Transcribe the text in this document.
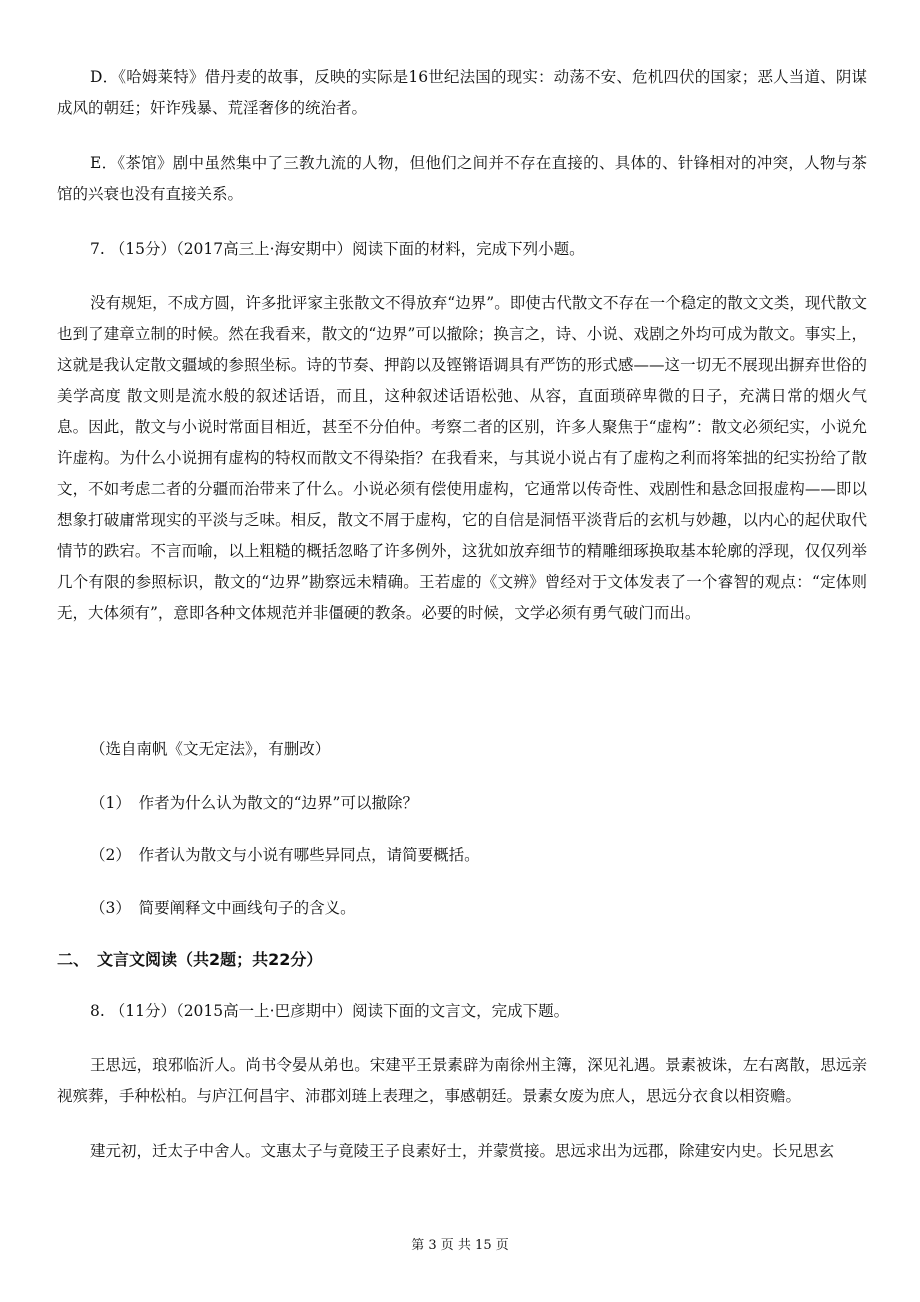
D．《哈姆莱特》借丹麦的故事，反映的实际是16世纪法国的现实：动荡不安、危机四伏的国家；恶人当道、阴谋成风的朝廷；奸诈残暴、荒淫奢侈的统治者。

E．《茶馆》剧中虽然集中了三教九流的人物，但他们之间并不存在直接的、具体的、针锋相对的冲突，人物与茶馆的兴衰也没有直接关系。

7. （15分）（2017高三上·海安期中）阅读下面的材料，完成下列小题。

没有规矩，不成方圆，许多批评家主张散文不得放弃“边界”。即使古代散文不存在一个稳定的散文文类，现代散文也到了建章立制的时候。然在我看来，散文的“边界”可以撤除；换言之，诗、小说、戏剧之外均可成为散文。事实上，这就是我认定散文疆域的参照坐标。诗的节奏、押韵以及铿锵语调具有严饬的形式感——这一切无不展现出摒弃世俗的美学高度 散文则是流水般的叙述话语，而且，这种叙述话语松弛、从容，直面琐碎卑微的日子，充满日常的烟火气息。因此，散文与小说时常面目相近，甚至不分伯仲。考察二者的区别，许多人聚焦于“虚构”：散文必须纪实，小说允许虚构。为什么小说拥有虚构的特权而散文不得染指？在我看来，与其说小说占有了虚构之利而将笨拙的纪实扮给了散文，不如考虑二者的分疆而治带来了什么。小说必须有偿使用虚构，它通常以传奇性、戏剧性和悬念回报虚构——即以想象打破庸常现实的平淡与乏味。相反，散文不屑于虚构，它的自信是洞悟平淡背后的玄机与妙趣，以内心的起伏取代情节的跌宕。不言而喻，以上粗糙的概括忽略了许多例外，这犹如放弃细节的精雕细琢换取基本轮廓的浮现，仅仅列举几个有限的参照标识，散文的“边界”勘察远未精确。王若虚的《文辨》曾经对于文体发表了一个睿智的观点：“定体则无，大体须有”，意即各种文体规范并非僵硬的教条。必要的时候，文学必须有勇气破门而出。

（选自南帆《文无定法》，有删改）

（1）　作者为什么认为散文的“边界”可以撤除？

（2）　作者认为散文与小说有哪些异同点，请简要概括。

（3）　简要阐释文中画线句子的含义。

二、　文言文阅读（共2题；共22分）

8. （11分）（2015高一上·巴彦期中）阅读下面的文言文，完成下题。

王思远，琅邪临沂人。尚书令晏从弟也。宋建平王景素辟为南徐州主簿，深见礼遇。景素被诛，左右离散，思远亲视殡葬，手种松柏。与庐江何昌宇、沛郡刘琏上表理之，事感朝廷。景素女废为庶人，思远分衣食以相资赡。

建元初，迁太子中舍人。文惠太子与竟陵王子良素好士，并蒙赏接。思远求出为远郡，除建安内史。长兄思玄

第 3 页 共 15 页
